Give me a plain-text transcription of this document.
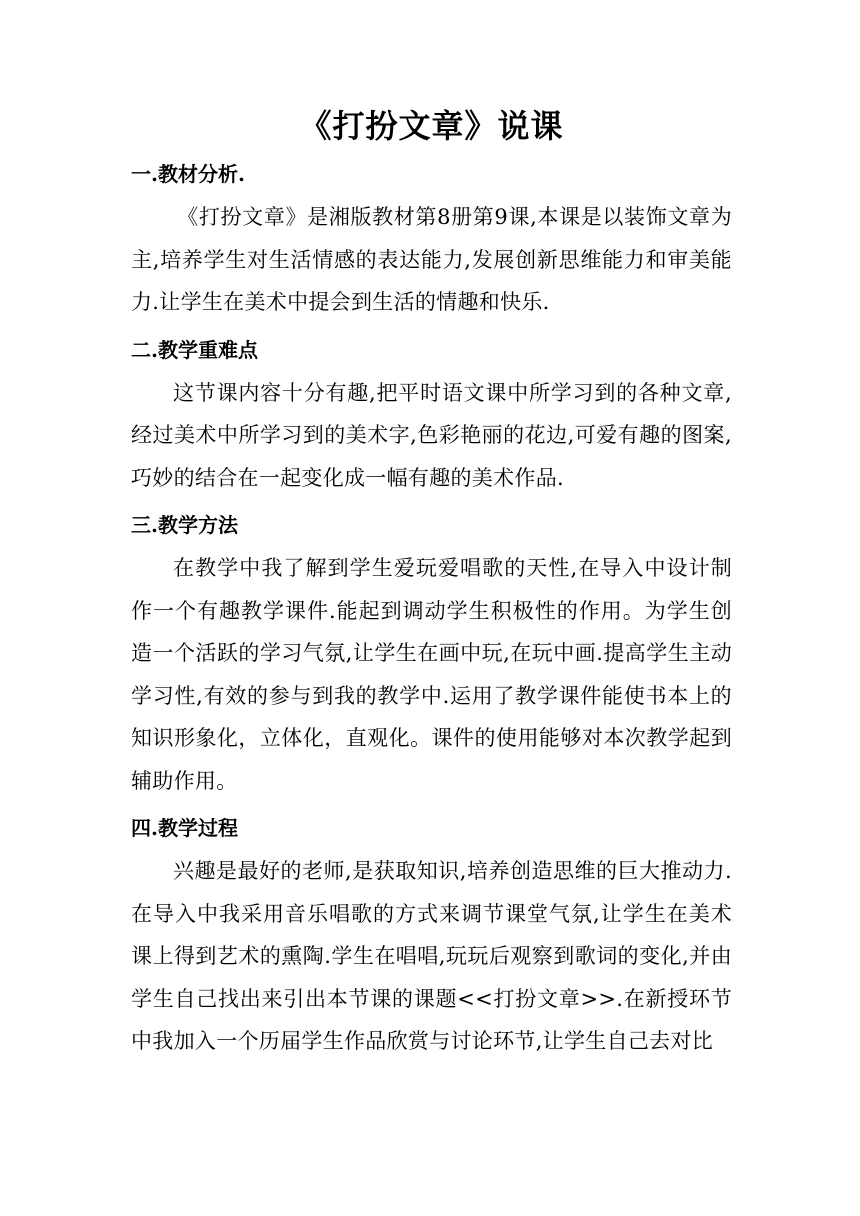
《打扮文章》说课
一.教材分析.

《打扮文章》是湘版教材第8册第9课,本课是以装饰文章为主,培养学生对生活情感的表达能力,发展创新思维能力和审美能力.让学生在美术中提会到生活的情趣和快乐.

二.教学重难点

这节课内容十分有趣,把平时语文课中所学习到的各种文章,经过美术中所学习到的美术字,色彩艳丽的花边,可爱有趣的图案,巧妙的结合在一起变化成一幅有趣的美术作品.

三.教学方法

在教学中我了解到学生爱玩爱唱歌的天性,在导入中设计制作一个有趣教学课件.能起到调动学生积极性的作用。为学生创造一个活跃的学习气氛,让学生在画中玩,在玩中画.提高学生主动学习性,有效的参与到我的教学中.运用了教学课件能使书本上的知识形象化，立体化，直观化。课件的使用能够对本次教学起到辅助作用。

四.教学过程

兴趣是最好的老师,是获取知识,培养创造思维的巨大推动力.在导入中我采用音乐唱歌的方式来调节课堂气氛,让学生在美术课上得到艺术的熏陶.学生在唱唱,玩玩后观察到歌词的变化,并由学生自己找出来引出本节课的课题<<打扮文章>>.在新授环节中我加入一个历届学生作品欣赏与讨论环节,让学生自己去对比
